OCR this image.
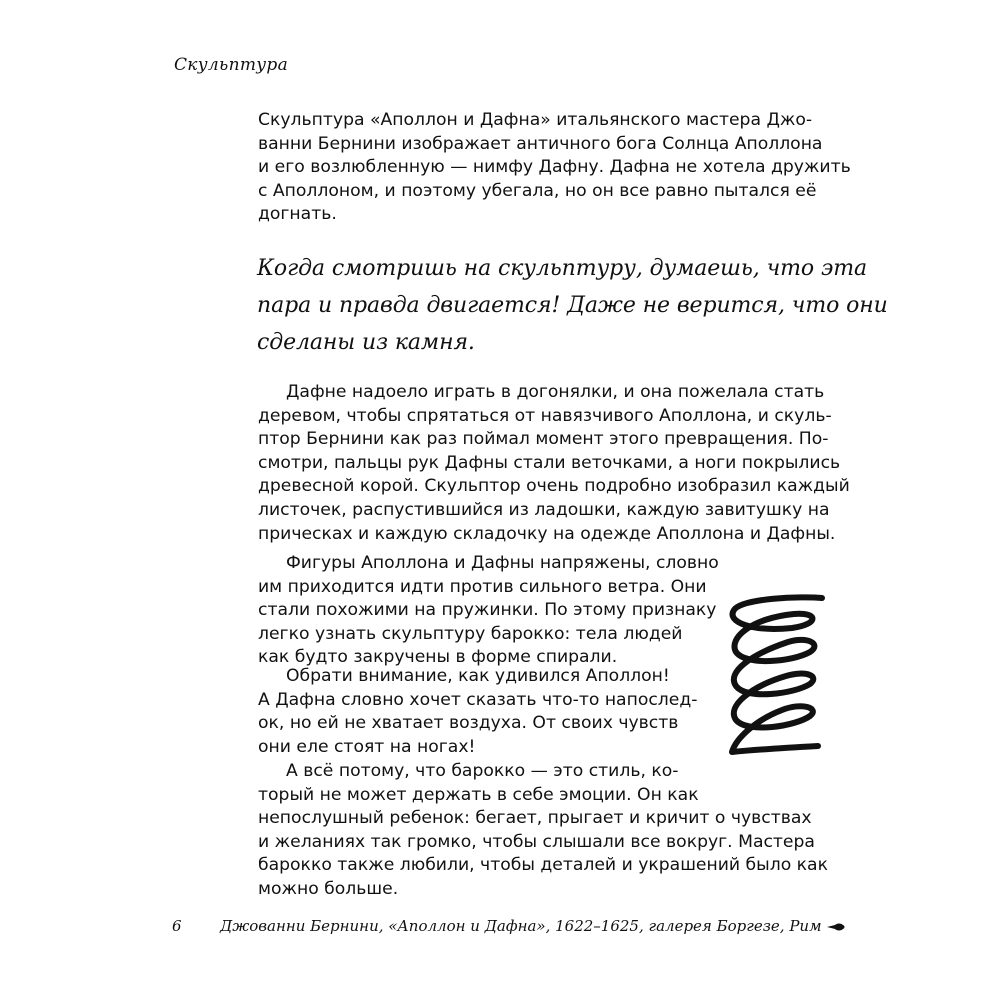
Скульптура
Скульптура «Аполлон и Дафна» итальянского мастера Джо-
ванни Бернини изображает античного бога Солнца Аполлона
и его возлюбленную — нимфу Дафну. Дафна не хотела дружить
с Аполлоном, и поэтому убегала, но он все равно пытался её
догнать.
Когда смотришь на скульптуру, думаешь, что эта
пара и правда двигается! Даже не верится, что они
сделаны из камня.
Дафне надоело играть в догонялки, и она пожелала стать
деревом, чтобы спрятаться от навязчивого Аполлона, и скуль-
птор Бернини как раз поймал момент этого превращения. По-
смотри, пальцы рук Дафны стали веточками, а ноги покрылись
древесной корой. Скульптор очень подробно изобразил каждый
листочек, распустившийся из ладошки, каждую завитушку на
прическах и каждую складочку на одежде Аполлона и Дафны.
Фигуры Аполлона и Дафны напряжены, словно
им приходится идти против сильного ветра. Они
стали похожими на пружинки. По этому признаку
легко узнать скульптуру барокко: тела людей
как будто закручены в форме спирали.
Обрати внимание, как удивился Аполлон!
А Дафна словно хочет сказать что-то напослед-
ок, но ей не хватает воздуха. От своих чувств
они еле стоят на ногах!
А всё потому, что барокко — это стиль, ко-
торый не может держать в себе эмоции. Он как
непослушный ребенок: бегает, прыгает и кричит о чувствах
и желаниях так громко, чтобы слышали все вокруг. Мастера
барокко также любили, чтобы деталей и украшений было как
можно больше.
6	Джованни Бернини, «Аполлон и Дафна», 1622–1625, галерея Боргезе, Рим
